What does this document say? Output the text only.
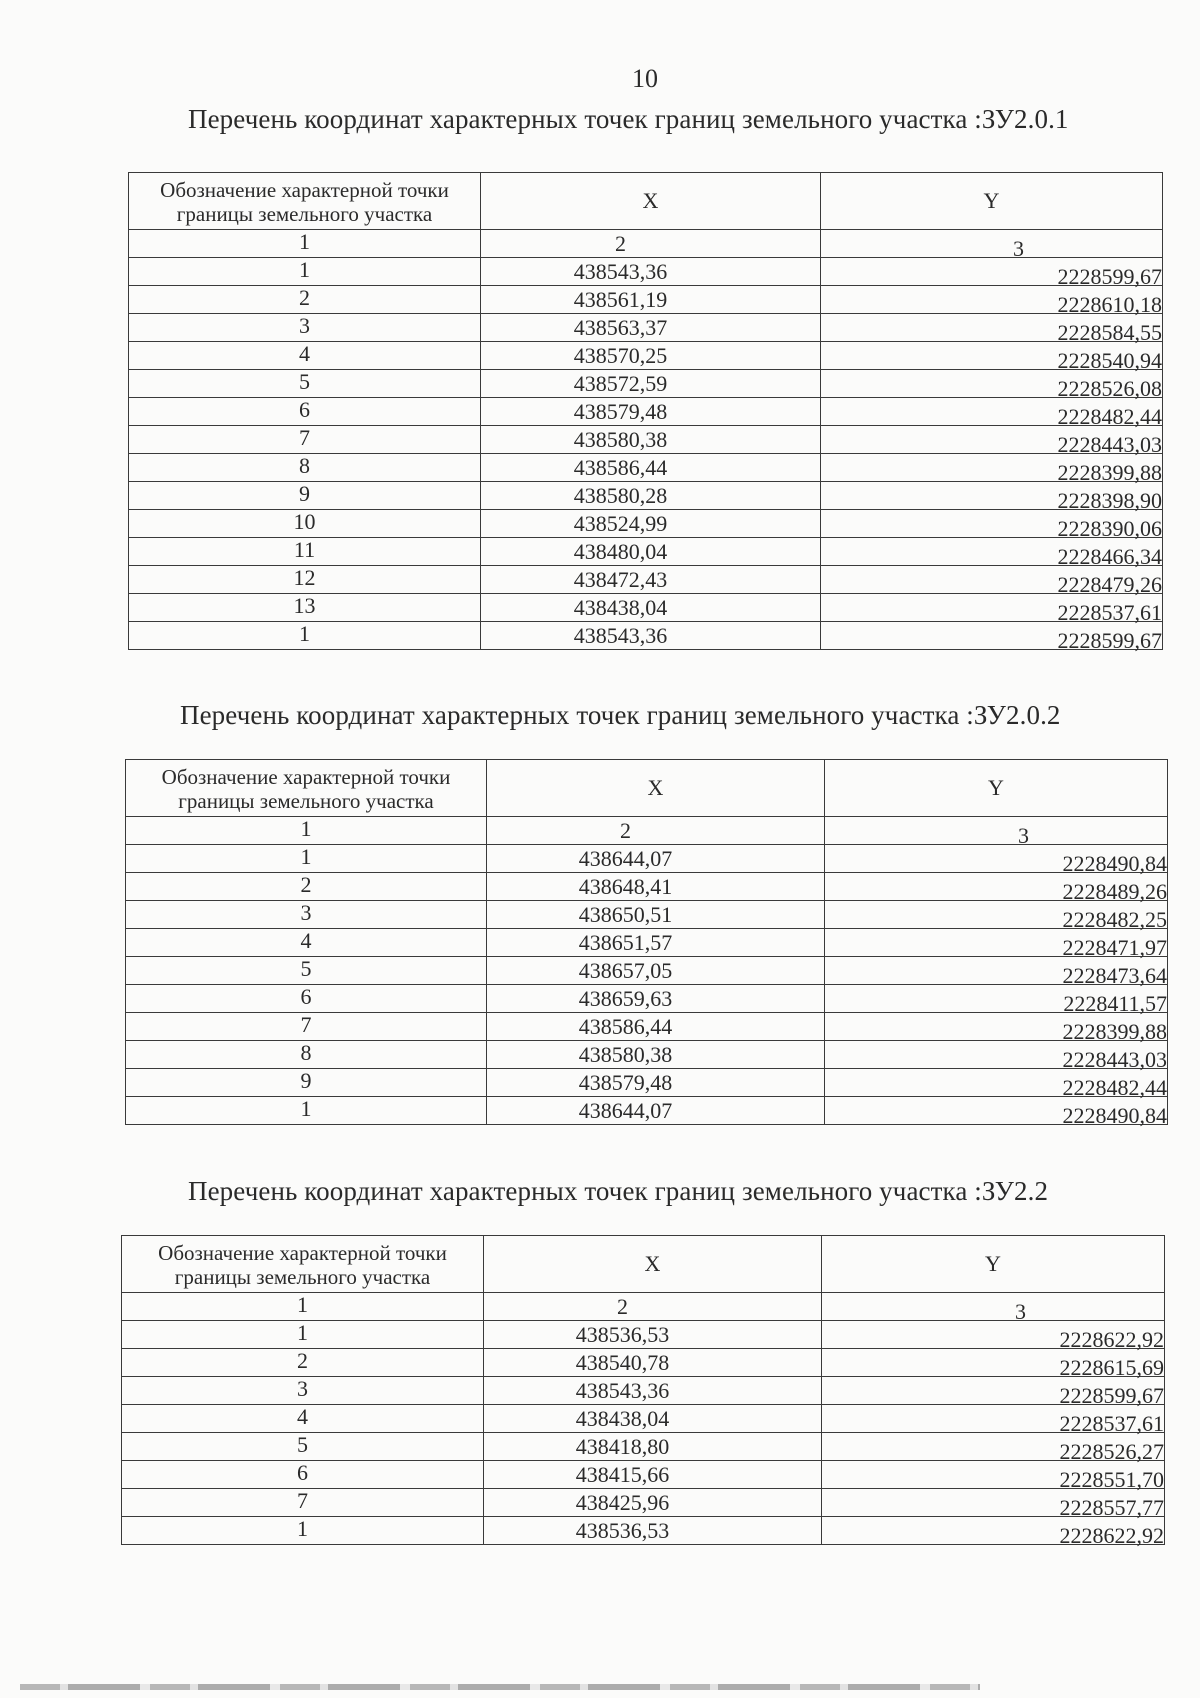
10
Перечень координат характерных точек границ земельного участка :ЗУ2.0.1
Обозначение характерной точки границы земельного участка	X	Y
1	2	3
1	438543,36	2228599,67
2	438561,19	2228610,18
3	438563,37	2228584,55
4	438570,25	2228540,94
5	438572,59	2228526,08
6	438579,48	2228482,44
7	438580,38	2228443,03
8	438586,44	2228399,88
9	438580,28	2228398,90
10	438524,99	2228390,06
11	438480,04	2228466,34
12	438472,43	2228479,26
13	438438,04	2228537,61
1	438543,36	2228599,67
Перечень координат характерных точек границ земельного участка :ЗУ2.0.2
Обозначение характерной точки границы земельного участка	X	Y
1	2	3
1	438644,07	2228490,84
2	438648,41	2228489,26
3	438650,51	2228482,25
4	438651,57	2228471,97
5	438657,05	2228473,64
6	438659,63	2228411,57
7	438586,44	2228399,88
8	438580,38	2228443,03
9	438579,48	2228482,44
1	438644,07	2228490,84
Перечень координат характерных точек границ земельного участка :ЗУ2.2
Обозначение характерной точки границы земельного участка	X	Y
1	2	3
1	438536,53	2228622,92
2	438540,78	2228615,69
3	438543,36	2228599,67
4	438438,04	2228537,61
5	438418,80	2228526,27
6	438415,66	2228551,70
7	438425,96	2228557,77
1	438536,53	2228622,92
